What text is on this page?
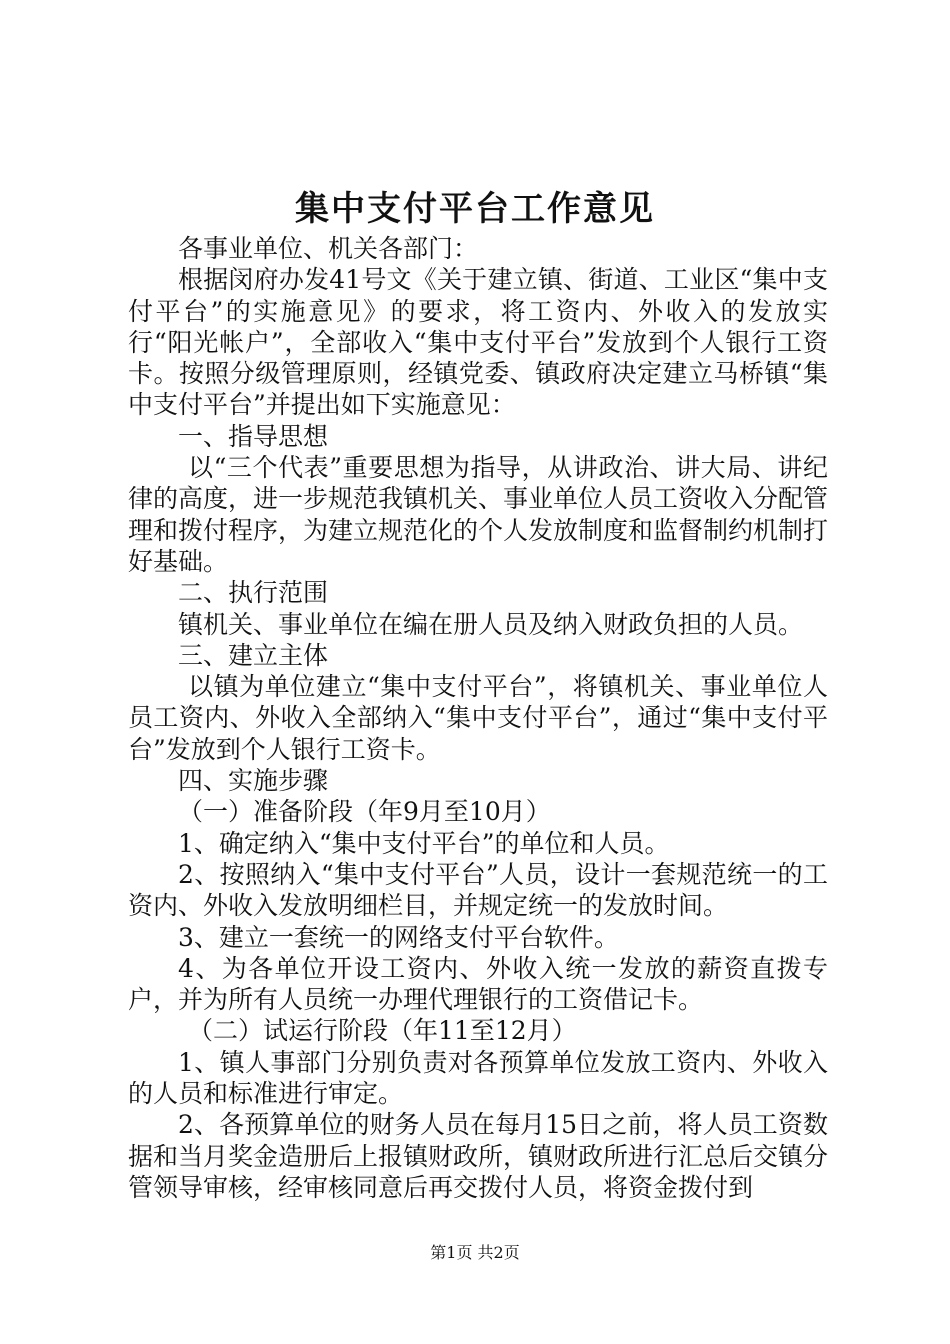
集中支付平台工作意见

各事业单位、机关各部门：

根据闵府办发41号文《关于建立镇、街道、工业区“集中支付平台”的实施意见》的要求，将工资内、外收入的发放实行“阳光帐户”，全部收入“集中支付平台”发放到个人银行工资卡。按照分级管理原则，经镇党委、镇政府决定建立马桥镇“集中支付平台”并提出如下实施意见：

一、指导思想

以“三个代表”重要思想为指导，从讲政治、讲大局、讲纪律的高度，进一步规范我镇机关、事业单位人员工资收入分配管理和拨付程序，为建立规范化的个人发放制度和监督制约机制打好基础。

二、执行范围

镇机关、事业单位在编在册人员及纳入财政负担的人员。

三、建立主体

以镇为单位建立“集中支付平台”，将镇机关、事业单位人员工资内、外收入全部纳入“集中支付平台”，通过“集中支付平台”发放到个人银行工资卡。

四、实施步骤

（一）准备阶段（年9月至10月）

1、确定纳入“集中支付平台”的单位和人员。

2、按照纳入“集中支付平台”人员，设计一套规范统一的工资内、外收入发放明细栏目，并规定统一的发放时间。

3、建立一套统一的网络支付平台软件。

4、为各单位开设工资内、外收入统一发放的薪资直拨专户，并为所有人员统一办理代理银行的工资借记卡。

（二）试运行阶段（年11至12月）

1、镇人事部门分别负责对各预算单位发放工资内、外收入的人员和标准进行审定。

2、各预算单位的财务人员在每月15日之前，将人员工资数据和当月奖金造册后上报镇财政所，镇财政所进行汇总后交镇分管领导审核，经审核同意后再交拨付人员，将资金拨付到

第1页 共2页
